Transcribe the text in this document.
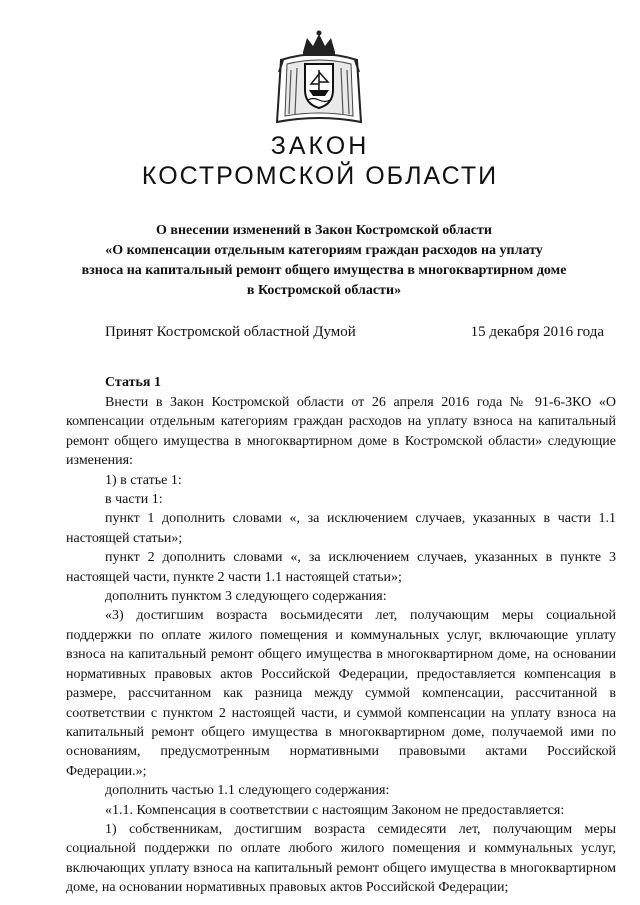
ЗАКОН
КОСТРОМСКОЙ ОБЛАСТИ
О внесении изменений в Закон Костромской области
«О компенсации отдельным категориям граждан расходов на уплату
взноса на капитальный ремонт общего имущества в многоквартирном доме
в Костромской области»
Принят Костромской областной Думой	15 декабря 2016 года
Статья 1

Внести в Закон Костромской области от 26 апреля 2016 года № 91-6-ЗКО «О компенсации отдельным категориям граждан расходов на уплату взноса на капитальный ремонт общего имущества в многоквартирном доме в Костромской области» следующие изменения:

1) в статье 1:

в части 1:

пункт 1 дополнить словами «, за исключением случаев, указанных в части 1.1 настоящей статьи»;

пункт 2 дополнить словами «, за исключением случаев, указанных в пункте 3 настоящей части, пункте 2 части 1.1 настоящей статьи»;

дополнить пунктом 3 следующего содержания:

«3) достигшим возраста восьмидесяти лет, получающим меры социальной поддержки по оплате жилого помещения и коммунальных услуг, включающие уплату взноса на капитальный ремонт общего имущества в многоквартирном доме, на основании нормативных правовых актов Российской Федерации, предоставляется компенсация в размере, рассчитанном как разница между суммой компенсации, рассчитанной в соответствии с пунктом 2 настоящей части, и суммой компенсации на уплату взноса на капитальный ремонт общего имущества в многоквартирном доме, получаемой ими по основаниям, предусмотренным нормативными правовыми актами Российской Федерации.»;

дополнить частью 1.1 следующего содержания:

«1.1. Компенсация в соответствии с настоящим Законом не предоставляется:

1) собственникам, достигшим возраста семидесяти лет, получающим меры социальной поддержки по оплате любого жилого помещения и коммунальных услуг, включающих уплату взноса на капитальный ремонт общего имущества в многоквартирном доме, на основании нормативных правовых актов Российской Федерации;
